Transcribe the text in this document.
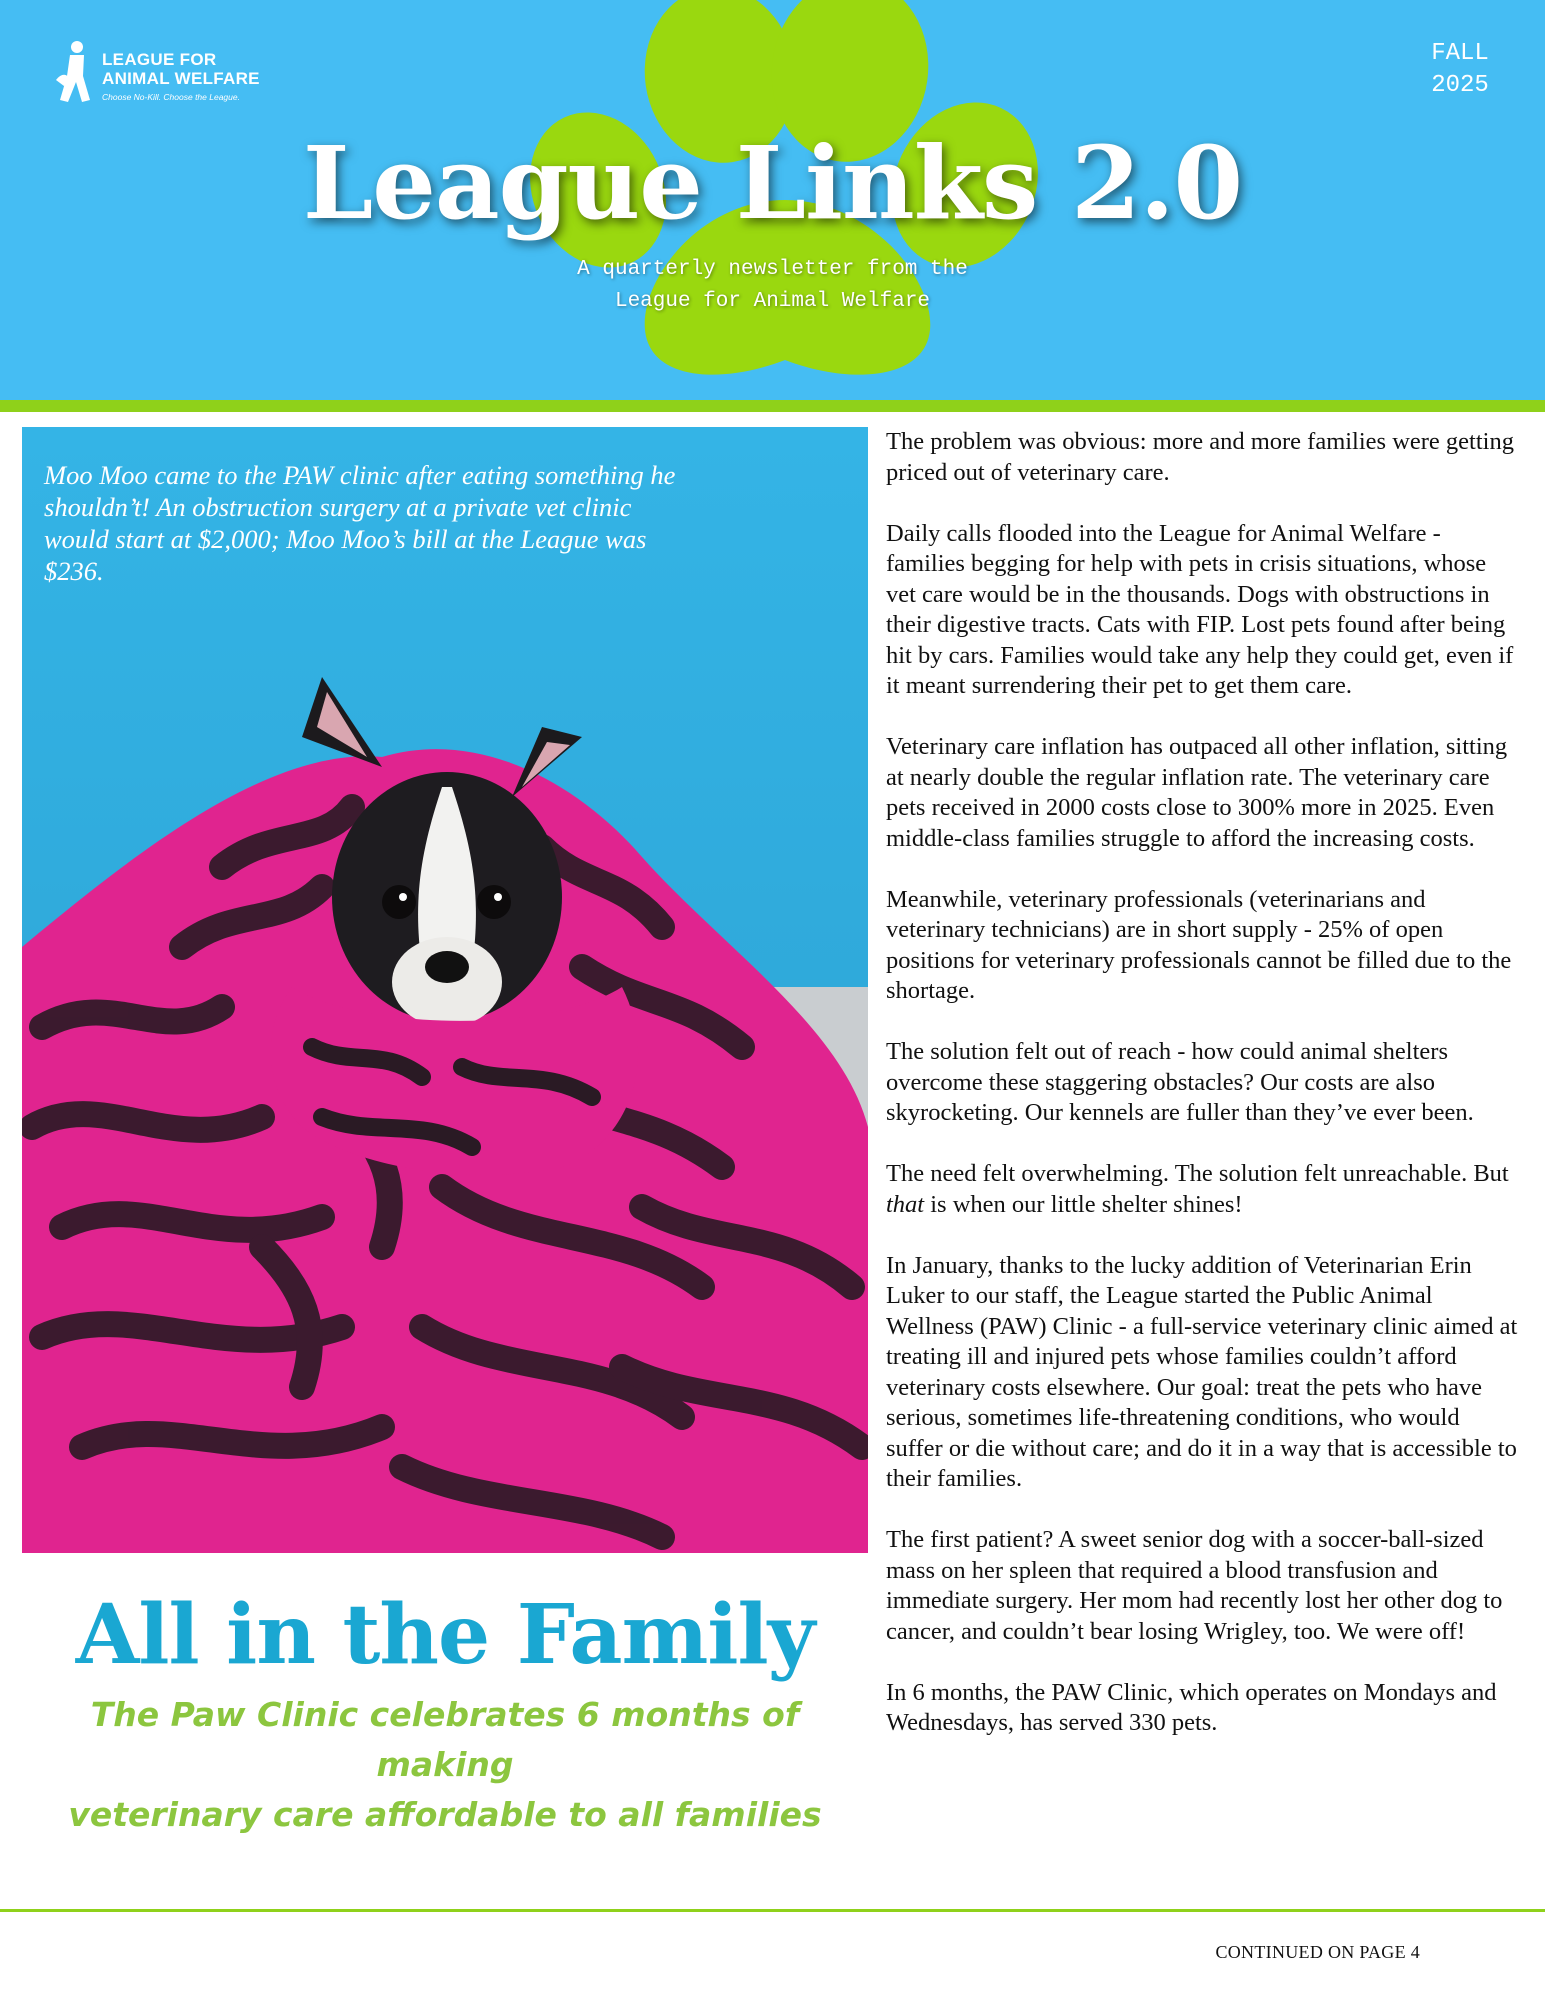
LEAGUE FOR
ANIMAL WELFARE
Choose No-Kill. Choose the League.
FALL
2025
League Links 2.0
A quarterly newsletter from the
League for Animal Welfare
Moo Moo came to the PAW clinic after eating something he shouldn’t! An obstruction surgery at a private vet clinic would start at $2,000; Moo Moo’s bill at the League was $236.
All in the Family
The Paw Clinic celebrates 6 months of making
veterinary care affordable to all families

The problem was obvious: more and more families were getting priced out of veterinary care.

Daily calls flooded into the League for Animal Welfare - families begging for help with pets in crisis situations, whose vet care would be in the thousands. Dogs with obstructions in their digestive tracts. Cats with FIP. Lost pets found after being hit by cars. Families would take any help they could get, even if it meant surrendering their pet to get them care.

Veterinary care inflation has outpaced all other inflation, sitting at nearly double the regular inflation rate. The veterinary care pets received in 2000 costs close to 300% more in 2025. Even middle-class families struggle to afford the increasing costs.

Meanwhile, veterinary professionals (veterinarians and veterinary technicians) are in short supply - 25% of open positions for veterinary professionals cannot be filled due to the shortage.

The solution felt out of reach - how could animal shelters overcome these staggering obstacles? Our costs are also skyrocketing. Our kennels are fuller than they’ve ever been.

The need felt overwhelming. The solution felt unreachable. But that is when our little shelter shines!

In January, thanks to the lucky addition of Veterinarian Erin Luker to our staff, the League started the Public Animal Wellness (PAW) Clinic - a full-service veterinary clinic aimed at treating ill and injured pets whose families couldn’t afford veterinary costs elsewhere. Our goal: treat the pets who have serious, sometimes life-threatening conditions, who would suffer or die without care; and do it in a way that is accessible to their families.

The first patient? A sweet senior dog with a soccer-ball-sized mass on her spleen that required a blood transfusion and immediate surgery. Her mom had recently lost her other dog to cancer, and couldn’t bear losing Wrigley, too. We were off!

In 6 months, the PAW Clinic, which operates on Mondays and Wednesdays, has served 330 pets.

CONTINUED ON PAGE 4
